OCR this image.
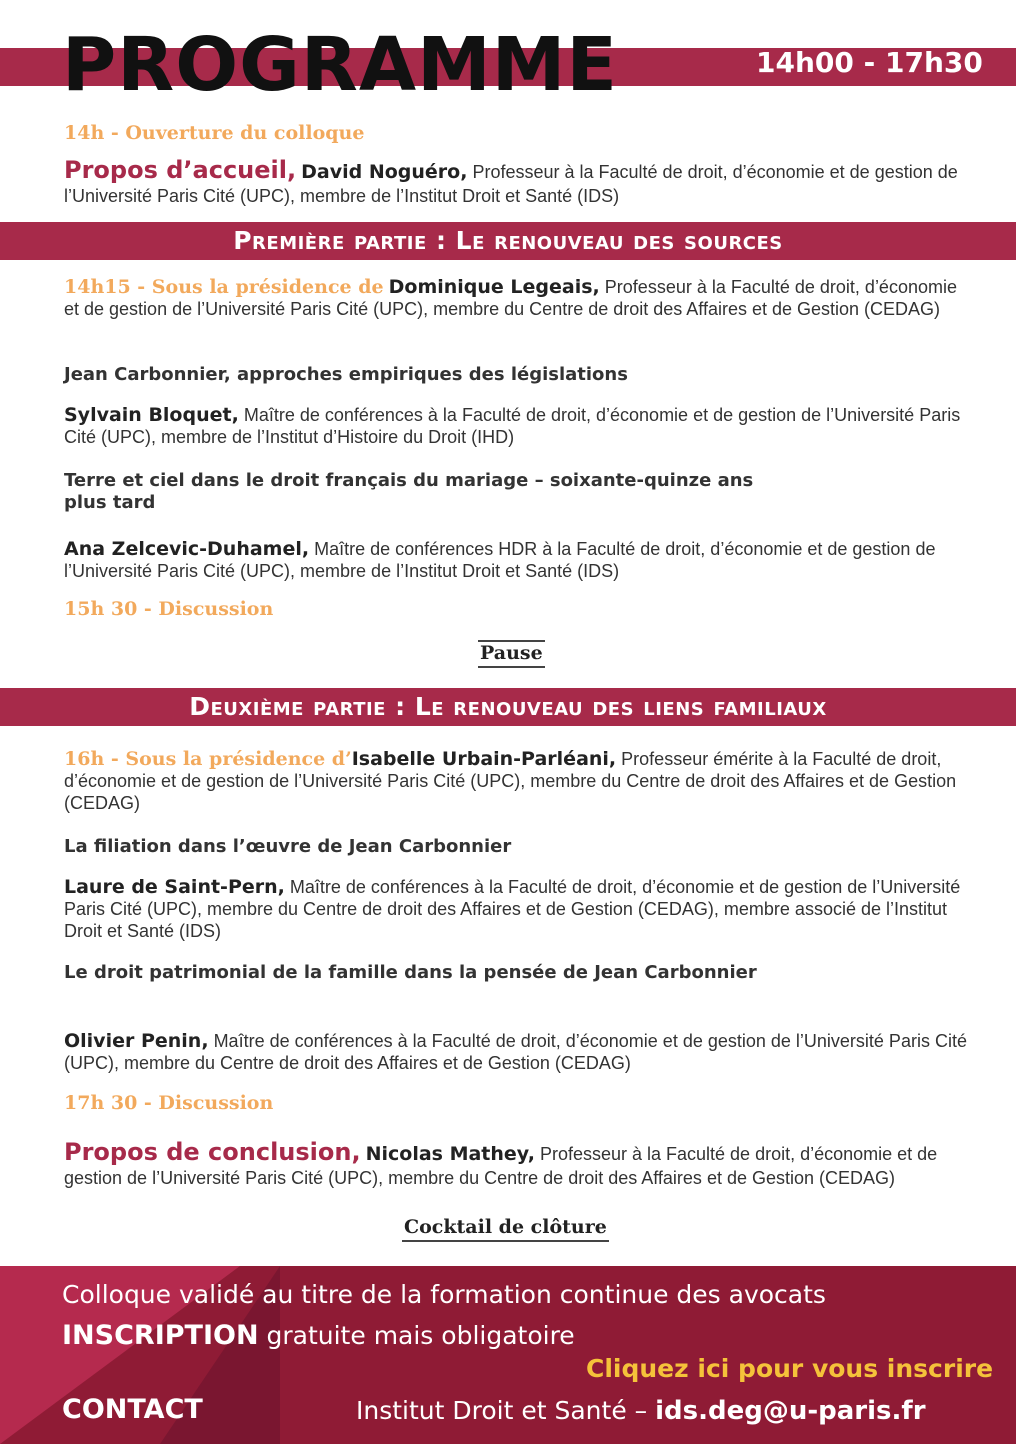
PROGRAMME	14h00 - 17h30
14h - Ouverture du colloque
Propos d’accueil, David Noguéro, Professeur à la Faculté de droit, d’économie et de gestion de l’Université Paris Cité (UPC), membre de l’Institut Droit et Santé (IDS)
Première partie : Le renouveau des sources
14h15 - Sous la présidence de Dominique Legeais, Professeur à la Faculté de droit, d’économie et de gestion de l’Université Paris Cité (UPC), membre du Centre de droit des Affaires et de Gestion (CEDAG)
Jean Carbonnier, approches empiriques des législations
Sylvain Bloquet, Maître de conférences à la Faculté de droit, d’économie et de gestion de l’Université Paris Cité (UPC), membre de l’Institut d’Histoire du Droit (IHD)
Terre et ciel dans le droit français du mariage – soixante-quinze ans plus tard
Ana Zelcevic-Duhamel, Maître de conférences HDR à la Faculté de droit, d’économie et de gestion de l’Université Paris Cité (UPC), membre de l’Institut Droit et Santé (IDS)
15h 30 - Discussion
Pause
Deuxième partie : Le renouveau des liens familiaux
16h - Sous la présidence d’Isabelle Urbain-Parléani, Professeur émérite à la Faculté de droit, d’économie et de gestion de l’Université Paris Cité (UPC), membre du Centre de droit des Affaires et de Gestion (CEDAG)
La filiation dans l’œuvre de Jean Carbonnier
Laure de Saint-Pern, Maître de conférences à la Faculté de droit, d’économie et de gestion de l’Université Paris Cité (UPC), membre du Centre de droit des Affaires et de Gestion (CEDAG), membre associé de l’Institut Droit et Santé (IDS)
Le droit patrimonial de la famille dans la pensée de Jean Carbonnier
Olivier Penin, Maître de conférences à la Faculté de droit, d’économie et de gestion de l’Université Paris Cité (UPC), membre du Centre de droit des Affaires et de Gestion (CEDAG)
17h 30 - Discussion
Propos de conclusion, Nicolas Mathey, Professeur à la Faculté de droit, d’économie et de gestion de l’Université Paris Cité (UPC), membre du Centre de droit des Affaires et de Gestion (CEDAG)
Cocktail de clôture
Colloque validé au titre de la formation continue des avocats
INSCRIPTION gratuite mais obligatoire
Cliquez ici pour vous inscrire
CONTACT	Institut Droit et Santé – ids.deg@u-paris.fr
